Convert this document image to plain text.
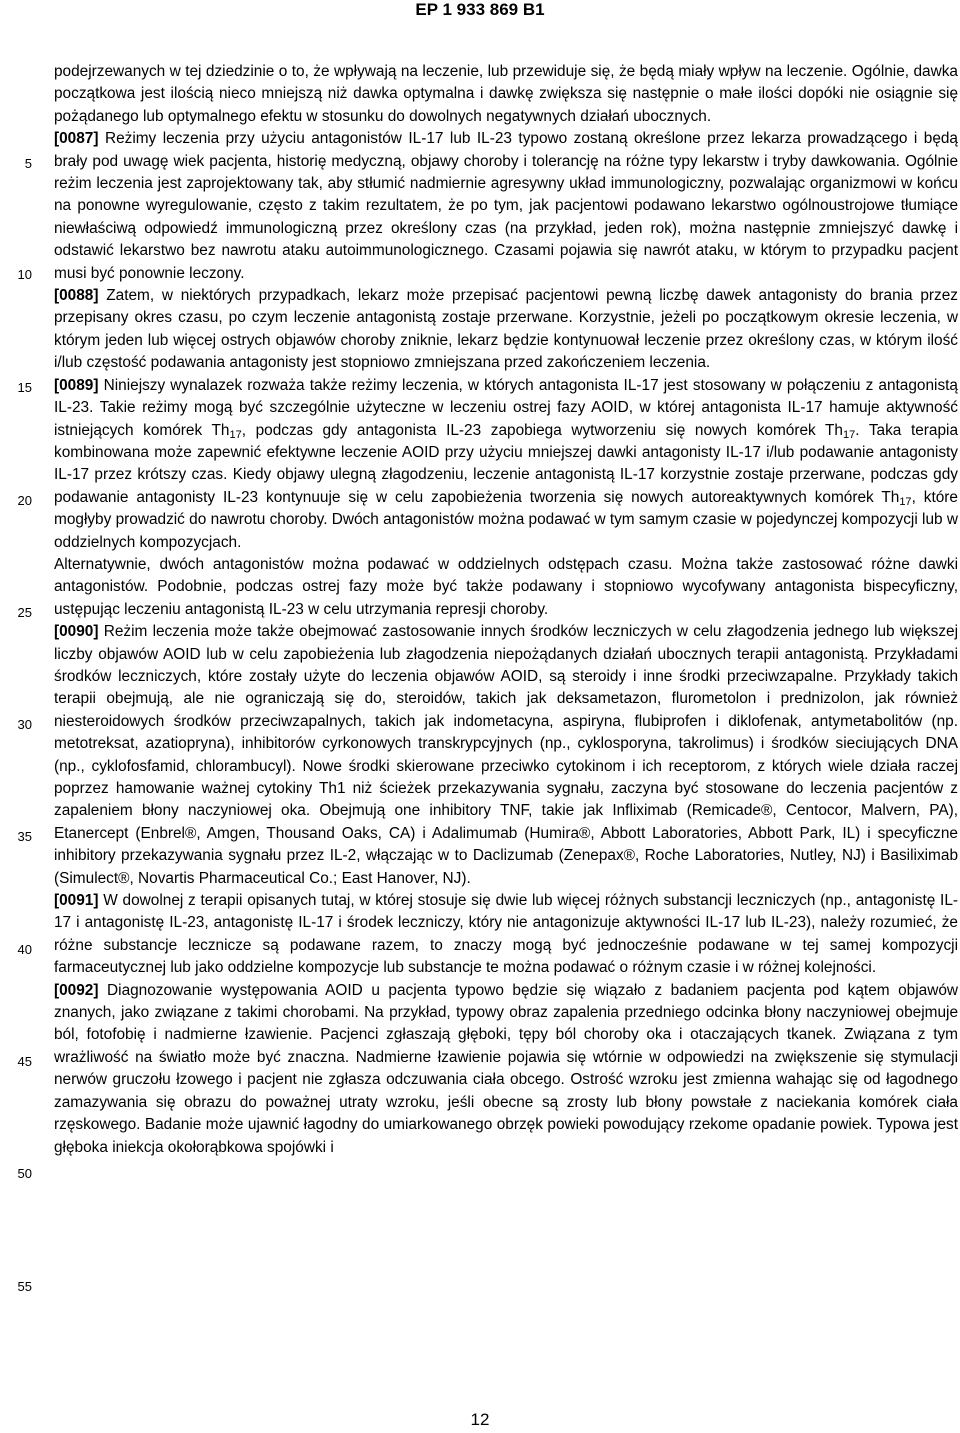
EP 1 933 869 B1
5
10
15
20
25
30
35
40
45
50
55

podejrzewanych w tej dziedzinie o to, że wpływają na leczenie, lub przewiduje się, że będą miały wpływ na leczenie. Ogólnie, dawka początkowa jest ilością nieco mniejszą niż dawka optymalna i dawkę zwiększa się następnie o małe ilości dopóki nie osiągnie się pożądanego lub optymalnego efektu w stosunku do dowolnych negatywnych działań ubocznych.

[0087] Reżimy leczenia przy użyciu antagonistów IL-17 lub IL-23 typowo zostaną określone przez lekarza prowadzącego i będą brały pod uwagę wiek pacjenta, historię medyczną, objawy choroby i tolerancję na różne typy lekarstw i tryby dawkowania. Ogólnie reżim leczenia jest zaprojektowany tak, aby stłumić nadmiernie agresywny układ immunologiczny, pozwalając organizmowi w końcu na ponowne wyregulowanie, często z takim rezultatem, że po tym, jak pacjentowi podawano lekarstwo ogólnoustrojowe tłumiące niewłaściwą odpowiedź immunologiczną przez określony czas (na przykład, jeden rok), można następnie zmniejszyć dawkę i odstawić lekarstwo bez nawrotu ataku autoimmunologicznego. Czasami pojawia się nawrót ataku, w którym to przypadku pacjent musi być ponownie leczony.

[0088] Zatem, w niektórych przypadkach, lekarz może przepisać pacjentowi pewną liczbę dawek antagonisty do brania przez przepisany okres czasu, po czym leczenie antagonistą zostaje przerwane. Korzystnie, jeżeli po początkowym okresie leczenia, w którym jeden lub więcej ostrych objawów choroby zniknie, lekarz będzie kontynuował leczenie przez określony czas, w którym ilość i/lub częstość podawania antagonisty jest stopniowo zmniejszana przed zakończeniem leczenia.

[0089] Niniejszy wynalazek rozważa także reżimy leczenia, w których antagonista IL-17 jest stosowany w połączeniu z antagonistą IL-23. Takie reżimy mogą być szczególnie użyteczne w leczeniu ostrej fazy AOID, w której antagonista IL-17 hamuje aktywność istniejących komórek $Th_{17}$, podczas gdy antagonista IL-23 zapobiega wytworzeniu się nowych komórek $Th_{17}$. Taka terapia kombinowana może zapewnić efektywne leczenie AOID przy użyciu mniejszej dawki antagonisty IL-17 i/lub podawanie antagonisty IL-17 przez krótszy czas. Kiedy objawy ulegną złagodzeniu, leczenie antagonistą IL-17 korzystnie zostaje przerwane, podczas gdy podawanie antagonisty IL-23 kontynuuje się w celu zapobieżenia tworzenia się nowych autoreaktywnych komórek $Th_{17}$, które mogłyby prowadzić do nawrotu choroby. Dwóch antagonistów można podawać w tym samym czasie w pojedynczej kompozycji lub w oddzielnych kompozycjach.

Alternatywnie, dwóch antagonistów można podawać w oddzielnych odstępach czasu. Można także zastosować różne dawki antagonistów. Podobnie, podczas ostrej fazy może być także podawany i stopniowo wycofywany antagonista bispecyficzny, ustępując leczeniu antagonistą IL-23 w celu utrzymania represji choroby.

[0090] Reżim leczenia może także obejmować zastosowanie innych środków leczniczych w celu złagodzenia jednego lub większej liczby objawów AOID lub w celu zapobieżenia lub złagodzenia niepożądanych działań ubocznych terapii antagonistą. Przykładami środków leczniczych, które zostały użyte do leczenia objawów AOID, są steroidy i inne środki przeciwzapalne. Przykłady takich terapii obejmują, ale nie ograniczają się do, steroidów, takich jak deksametazon, flurometolon i prednizolon, jak również niesteroidowych środków przeciwzapalnych, takich jak indometacyna, aspiryna, flubiprofen i diklofenak, antymetabolitów (np. metotreksat, azatiopryna), inhibitorów cyrkonowych transkrypcyjnych (np., cyklosporyna, takrolimus) i środków sieciujących DNA (np., cyklofosfamid, chlorambucyl). Nowe środki skierowane przeciwko cytokinom i ich receptorom, z których wiele działa raczej poprzez hamowanie ważnej cytokiny Th1 niż ścieżek przekazywania sygnału, zaczyna być stosowane do leczenia pacjentów z zapaleniem błony naczyniowej oka. Obejmują one inhibitory TNF, takie jak Infliximab (Remicade®, Centocor, Malvern, PA), Etanercept (Enbrel®, Amgen, Thousand Oaks, CA) i Adalimumab (Humira®, Abbott Laboratories, Abbott Park, IL) i specyficzne inhibitory przekazywania sygnału przez IL-2, włączając w to Daclizumab (Zenepax®, Roche Laboratories, Nutley, NJ) i Basiliximab (Simulect®, Novartis Pharmaceutical Co.; East Hanover, NJ).

[0091] W dowolnej z terapii opisanych tutaj, w której stosuje się dwie lub więcej różnych substancji leczniczych (np., antagonistę IL-17 i antagonistę IL-23, antagonistę IL-17 i środek leczniczy, który nie antagonizuje aktywności IL-17 lub IL-23), należy rozumieć, że różne substancje lecznicze są podawane razem, to znaczy mogą być jednocześnie podawane w tej samej kompozycji farmaceutycznej lub jako oddzielne kompozycje lub substancje te można podawać o różnym czasie i w różnej kolejności.

[0092] Diagnozowanie występowania AOID u pacjenta typowo będzie się wiązało z badaniem pacjenta pod kątem objawów znanych, jako związane z takimi chorobami. Na przykład, typowy obraz zapalenia przedniego odcinka błony naczyniowej obejmuje ból, fotofobię i nadmierne łzawienie. Pacjenci zgłaszają głęboki, tępy ból choroby oka i otaczających tkanek. Związana z tym wrażliwość na światło może być znaczna. Nadmierne łzawienie pojawia się wtórnie w odpowiedzi na zwiększenie się stymulacji nerwów gruczołu łzowego i pacjent nie zgłasza odczuwania ciała obcego. Ostrość wzroku jest zmienna wahając się od łagodnego zamazywania się obrazu do poważnej utraty wzroku, jeśli obecne są zrosty lub błony powstałe z naciekania komórek ciała rzęskowego. Badanie może ujawnić łagodny do umiarkowanego obrzęk powieki powodujący rzekome opadanie powiek. Typowa jest głęboka iniekcja okołorąbkowa spojówki i

12
